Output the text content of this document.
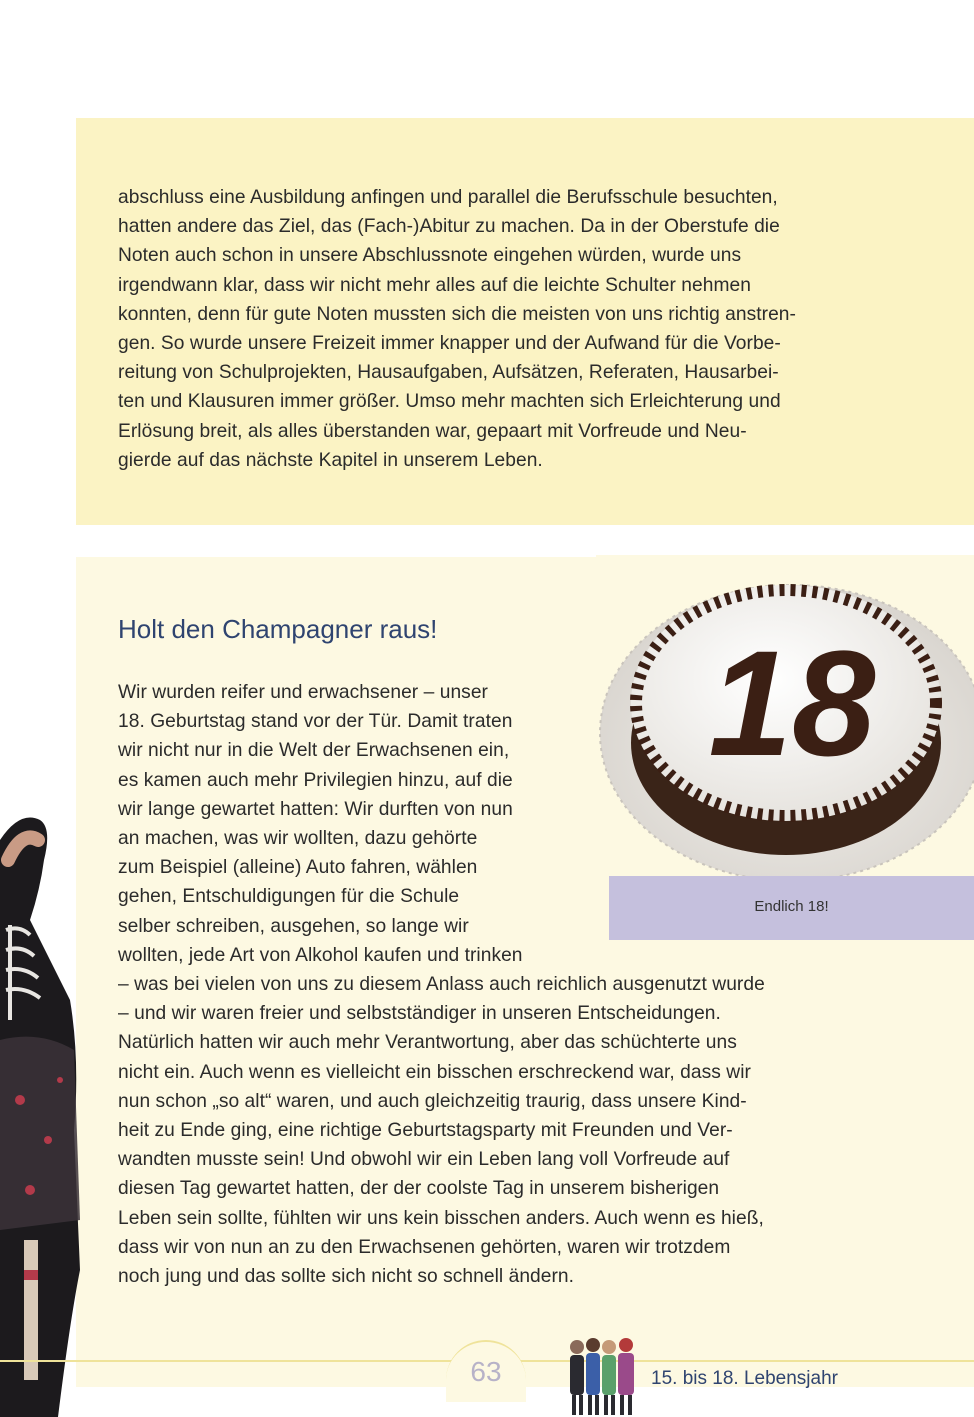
abschluss eine Ausbildung anfingen und parallel die Berufsschule besuchten,
hatten andere das Ziel, das (Fach-)Abitur zu machen. Da in der Oberstufe die
Noten auch schon in unsere Abschlussnote eingehen würden, wurde uns
irgendwann klar, dass wir nicht mehr alles auf die leichte Schulter nehmen
konnten, denn für gute Noten mussten sich die meisten von uns richtig anstren-
gen. So wurde unsere Freizeit immer knapper und der Aufwand für die Vorbe-
reitung von Schulprojekten, Hausaufgaben, Aufsätzen, Referaten, Hausarbei-
ten und Klausuren immer größer. Umso mehr machten sich Erleichterung und
Erlösung breit, als alles überstanden war, gepaart mit Vorfreude und Neu-
gierde auf das nächste Kapitel in unserem Leben.
Holt den Champagner raus! 18
Endlich 18!
Wir wurden reifer und erwachsener – unser
18. Geburtstag stand vor der Tür. Damit traten
wir nicht nur in die Welt der Erwachsenen ein,
es kamen auch mehr Privilegien hinzu, auf die
wir lange gewartet hatten: Wir durften von nun
an machen, was wir wollten, dazu gehörte
zum Beispiel (alleine) Auto fahren, wählen
gehen, Entschuldigungen für die Schule
selber schreiben, ausgehen, so lange wir
wollten, jede Art von Alkohol kaufen und trinken
– was bei vielen von uns zu diesem Anlass auch reichlich ausgenutzt wurde
– und wir waren freier und selbstständiger in unseren Entscheidungen.
Natürlich hatten wir auch mehr Verantwortung, aber das schüchterte uns
nicht ein. Auch wenn es vielleicht ein bisschen erschreckend war, dass wir
nun schon „so alt“ waren, und auch gleichzeitig traurig, dass unsere Kind-
heit zu Ende ging, eine richtige Geburtstagsparty mit Freunden und Ver-
wandten musste sein! Und obwohl wir ein Leben lang voll Vorfreude auf
diesen Tag gewartet hatten, der der coolste Tag in unserem bisherigen
Leben sein sollte, fühlten wir uns kein bisschen anders. Auch wenn es hieß,
dass wir von nun an zu den Erwachsenen gehörten, waren wir trotzdem
noch jung und das sollte sich nicht so schnell ändern.
63	15. bis 18. Lebensjahr
